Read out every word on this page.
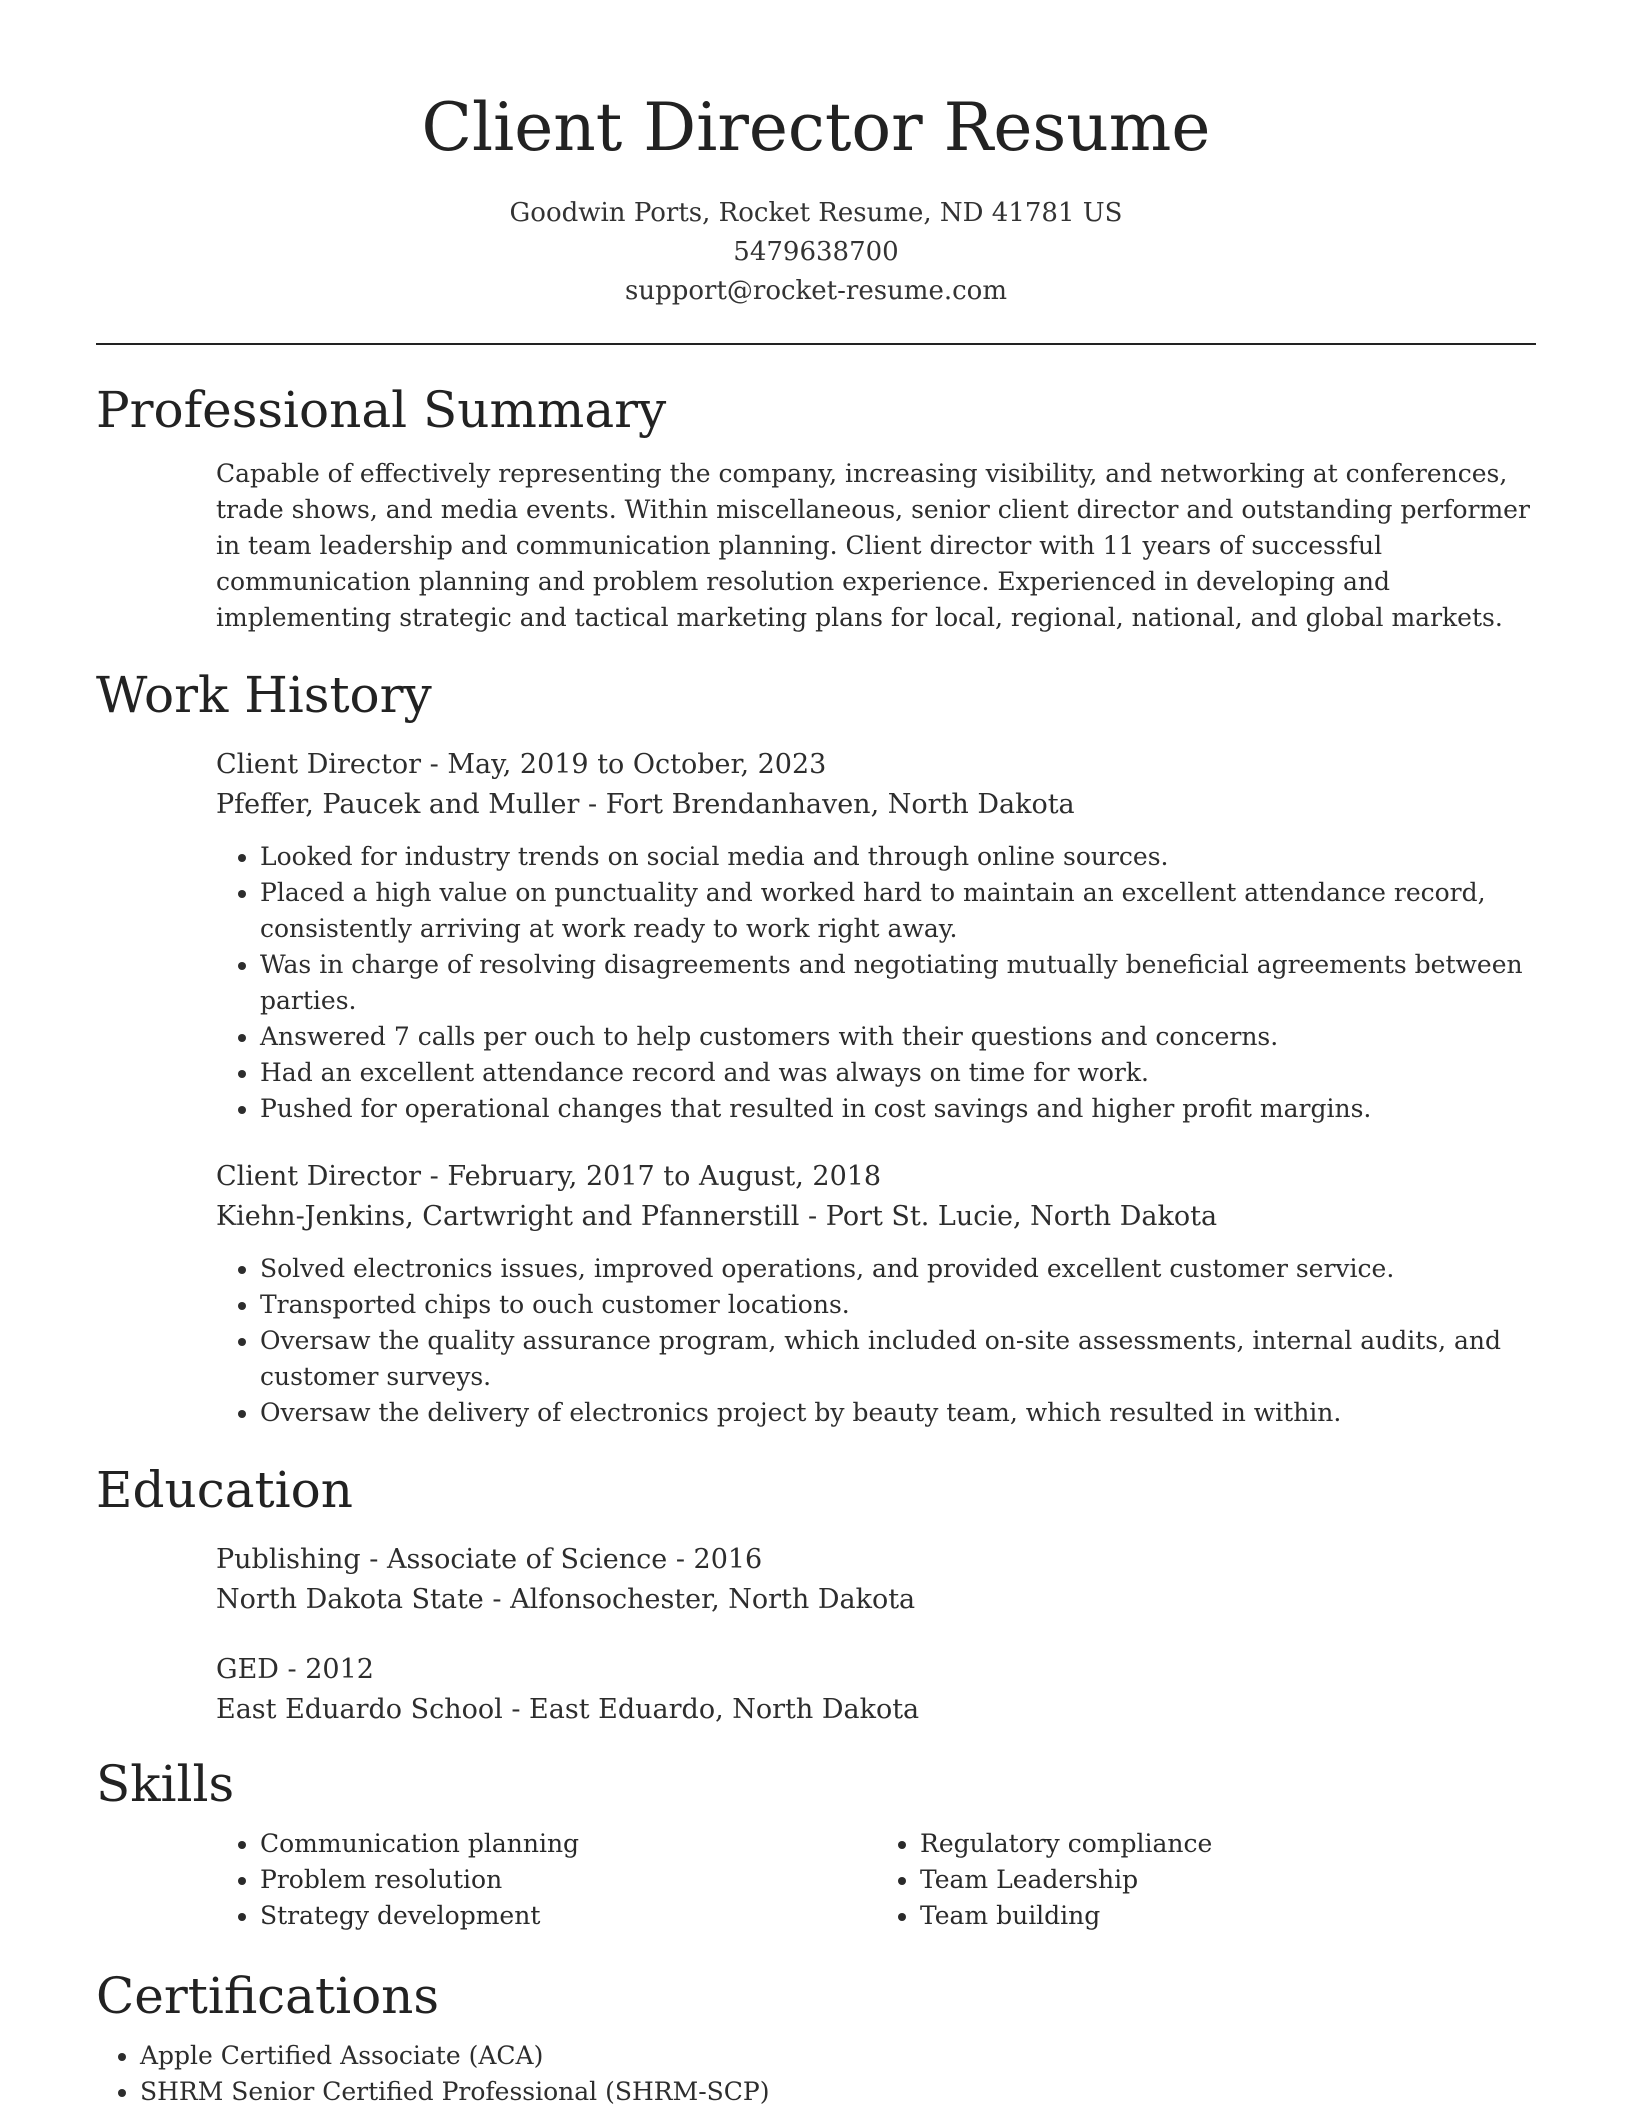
Client Director Resume
Goodwin Ports, Rocket Resume, ND 41781 US
5479638700
support@rocket-resume.com
Professional Summary

Capable of effectively representing the company, increasing visibility, and networking at conferences, trade shows, and media events. Within miscellaneous, senior client director and outstanding performer in team leadership and communication planning. Client director with 11 years of successful communication planning and problem resolution experience. Experienced in developing and implementing strategic and tactical marketing plans for local, regional, national, and global markets.

Work History
Client Director - May, 2019 to October, 2023
Pfeffer, Paucek and Muller - Fort Brendanhaven, North Dakota
• Looked for industry trends on social media and through online sources.
• Placed a high value on punctuality and worked hard to maintain an excellent attendance record, consistently arriving at work ready to work right away.
• Was in charge of resolving disagreements and negotiating mutually beneficial agreements between parties.
• Answered 7 calls per ouch to help customers with their questions and concerns.
• Had an excellent attendance record and was always on time for work.
• Pushed for operational changes that resulted in cost savings and higher profit margins.
Client Director - February, 2017 to August, 2018
Kiehn-Jenkins, Cartwright and Pfannerstill - Port St. Lucie, North Dakota
• Solved electronics issues, improved operations, and provided excellent customer service.
• Transported chips to ouch customer locations.
• Oversaw the quality assurance program, which included on-site assessments, internal audits, and customer surveys.
• Oversaw the delivery of electronics project by beauty team, which resulted in within.
Education
Publishing - Associate of Science - 2016
North Dakota State - Alfonsochester, North Dakota
GED - 2012
East Eduardo School - East Eduardo, North Dakota
Skills
• Communication planning
• Problem resolution
• Strategy development
• Regulatory compliance
• Team Leadership
• Team building
Certifications
• Apple Certified Associate (ACA)
• SHRM Senior Certified Professional (SHRM-SCP)
